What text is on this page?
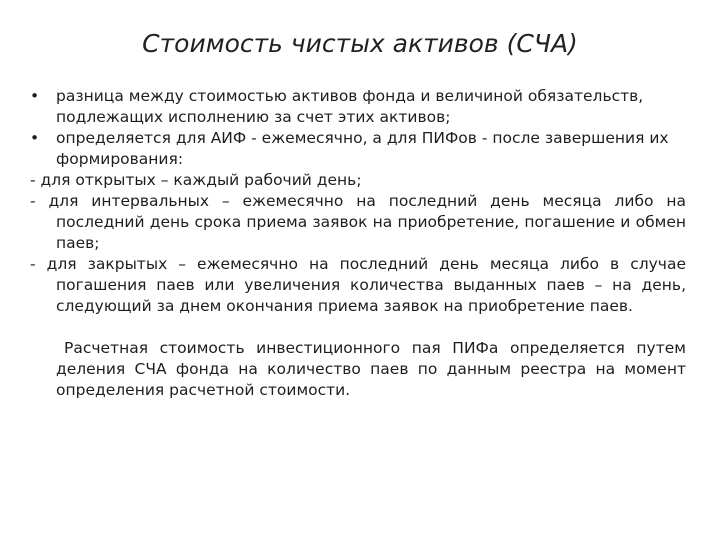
Стоимость чистых активов (СЧА)
•	разница между стоимостью активов фонда и величиной обязательств, подлежащих исполнению за счет этих активов;
•	определяется для АИФ - ежемесячно, а для ПИФов - после завершения их формирования:
- для открытых – каждый рабочий день;
- для интервальных – ежемесячно на последний день месяца либо на последний день срока приема заявок на приобретение, погашение и обмен паев;
- для закрытых – ежемесячно на последний день месяца либо в случае погашения паев или увеличения количества выданных паев – на день, следующий за днем окончания приема заявок на приобретение паев.
Расчетная стоимость инвестиционного пая ПИФа определяется путем деления СЧА фонда на количество паев по данным реестра на момент определения расчетной стоимости.
